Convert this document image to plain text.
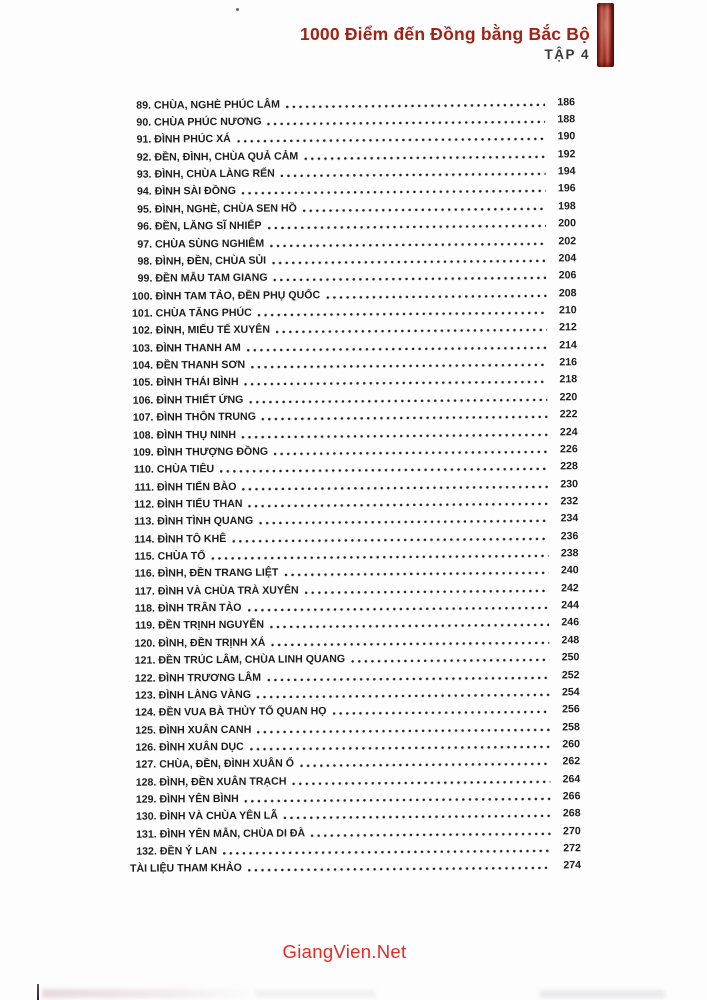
1000 Điểm đến Đồng bằng Bắc Bộ
TẬP 4
89. CHÙA, NGHÈ PHÚC LÂM	186
90. CHÙA PHÚC NƯƠNG	188
91. ĐÌNH PHÚC XÁ	190
92. ĐỀN, ĐÌNH, CHÙA QUẢ CẢM	192
93. ĐÌNH, CHÙA LÀNG RẾN	194
94. ĐÌNH SÀI ĐỒNG	196
95. ĐÌNH, NGHÈ, CHÙA SEN HỒ	198
96. ĐỀN, LĂNG SĨ NHIẾP	200
97. CHÙA SÙNG NGHIÊM	202
98. ĐÌNH, ĐỀN, CHÙA SỦI	204
99. ĐỀN MẪU TAM GIANG	206
100. ĐÌNH TAM TẢO, ĐỀN PHỤ QUỐC	208
101. CHÙA TĂNG PHÚC	210
102. ĐÌNH, MIẾU TẾ XUYÊN	212
103. ĐÌNH THANH AM	214
104. ĐỀN THANH SƠN	216
105. ĐÌNH THÁI BÌNH	218
106. ĐÌNH THIẾT ỨNG	220
107. ĐÌNH THÔN TRUNG	222
108. ĐÌNH THỤ NINH	224
109. ĐÌNH THƯỢNG ĐỒNG	226
110. CHÙA TIÊU	228
111. ĐÌNH TIẾN BÀO	230
112. ĐÌNH TIẾU THAN	232
113. ĐÌNH TÌNH QUANG	234
114. ĐÌNH TÔ KHÊ	236
115. CHÙA TỔ	238
116. ĐÌNH, ĐỀN TRANG LIỆT	240
117. ĐÌNH VÀ CHÙA TRÀ XUYÊN	242
118. ĐÌNH TRÂN TẢO	244
119. ĐỀN TRỊNH NGUYỄN	246
120. ĐÌNH, ĐỀN TRỊNH XÁ	248
121. ĐỀN TRÚC LÂM, CHÙA LINH QUANG	250
122. ĐÌNH TRƯƠNG LÂM	252
123. ĐÌNH LÀNG VÀNG	254
124. ĐỀN VUA BÀ THỦY TỔ QUAN HỌ	256
125. ĐÌNH XUÂN CANH	258
126. ĐÌNH XUÂN DỤC	260
127. CHÙA, ĐỀN, ĐÌNH XUÂN Ổ	262
128. ĐÌNH, ĐỀN XUÂN TRẠCH	264
129. ĐÌNH YÊN BÌNH	266
130. ĐÌNH VÀ CHÙA YÊN LÃ	268
131. ĐÌNH YÊN MẪN, CHÙA DI ĐÀ	270
132. ĐỀN Ỷ LAN	272
TÀI LIỆU THAM KHẢO	274
GiangVien.Net
